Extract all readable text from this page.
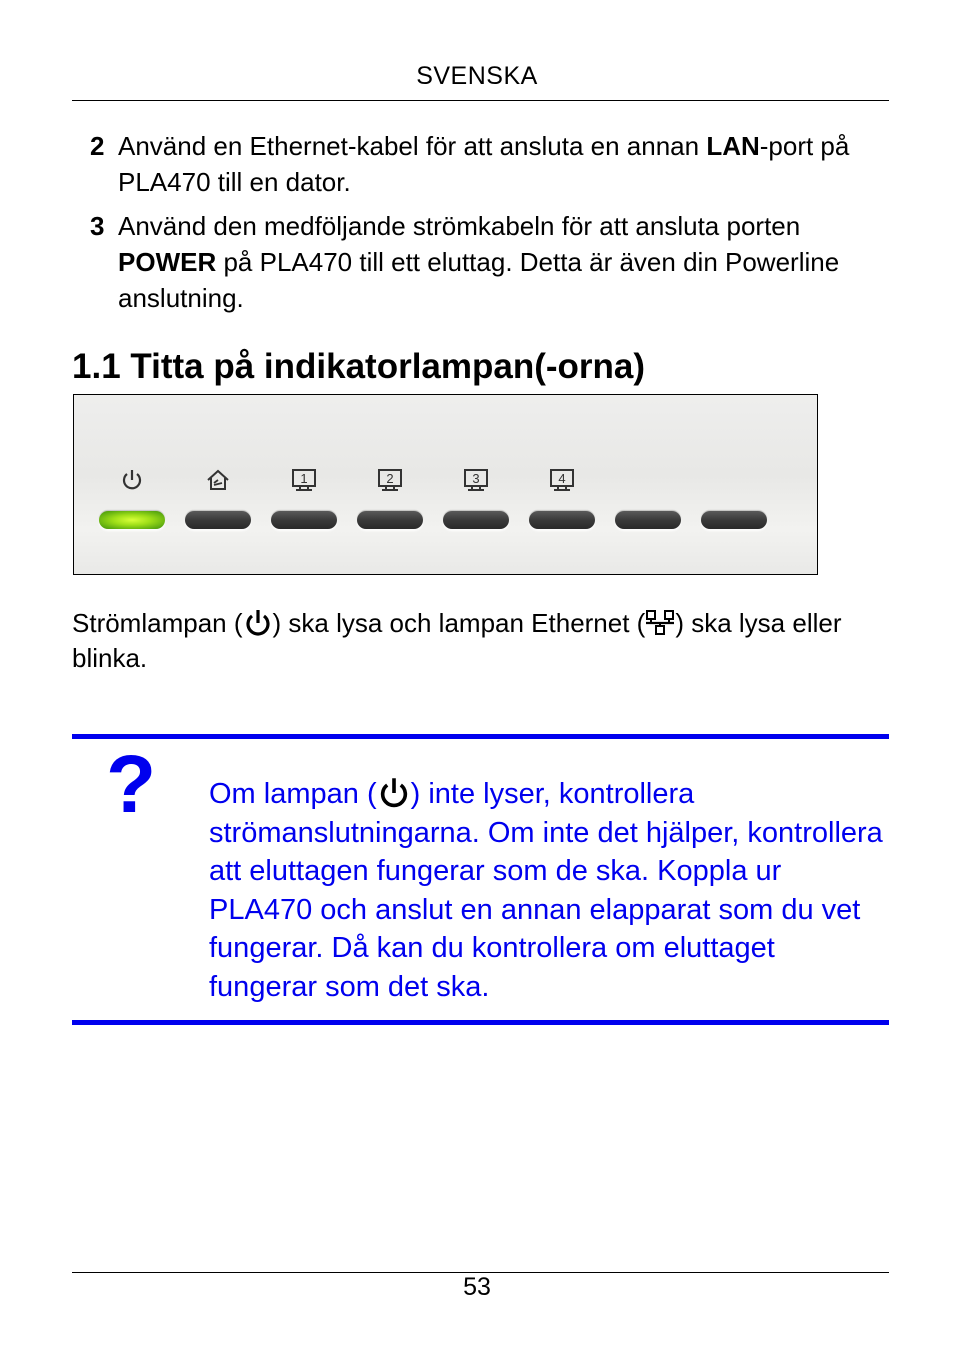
SVENSKA
2 Använd en Ethernet-kabel för att ansluta en annan LAN-port på PLA470 till en dator.
3 Använd den medföljande strömkabeln för att ansluta porten POWER på PLA470 till ett eluttag. Detta är även din Powerline anslutning.
1.1 Titta på indikatorlampan(-orna)
1	2	3	4
Strömlampan ( ) ska lysa och lampan Ethernet ( ) ska lysa eller blinka.
? Om lampan ( ) inte lyser, kontrollera strömanslutningarna. Om inte det hjälper, kontrollera att eluttagen fungerar som de ska. Koppla ur PLA470 och anslut en annan elapparat som du vet fungerar. Då kan du kontrollera om eluttaget fungerar som det ska.
53
